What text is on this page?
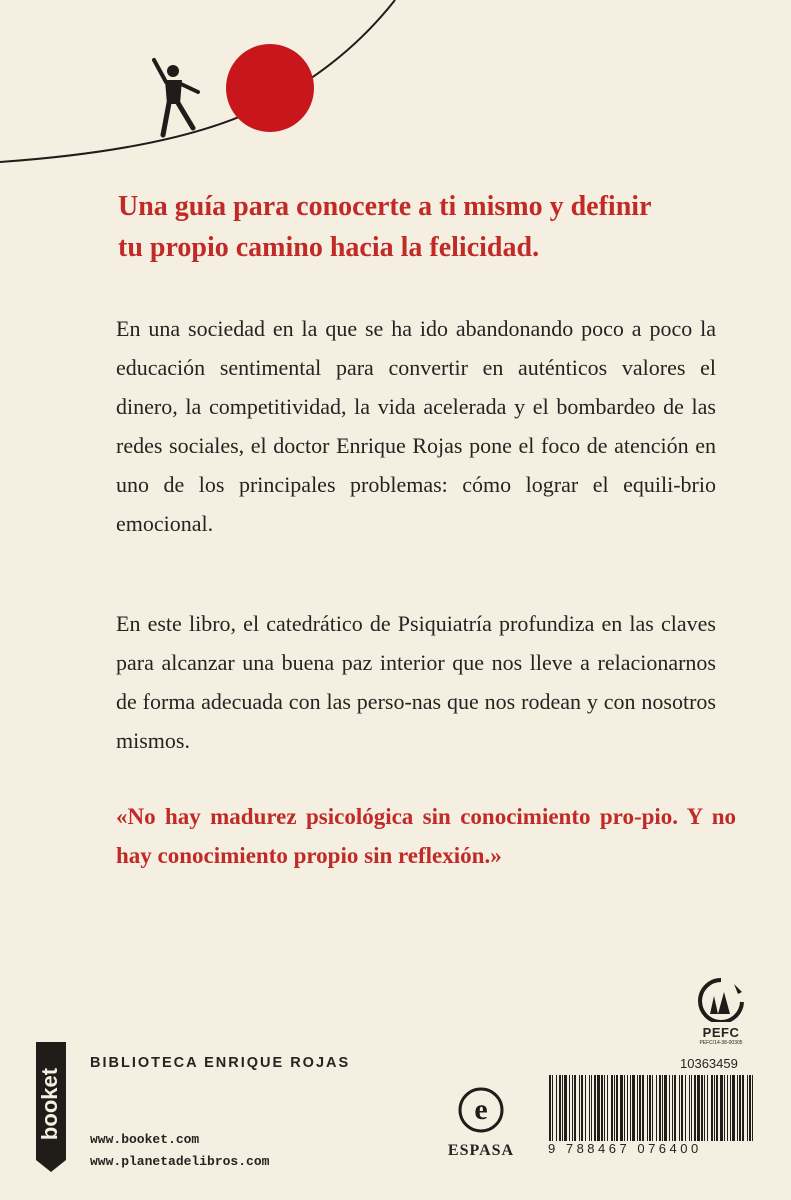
Una guía para conocerte a ti mismo y definir
tu propio camino hacia la felicidad.

En una sociedad en la que se ha ido abandonando poco a poco la educación sentimental para convertir en auténticos valores el dinero, la competitividad, la vida acelerada y el bombardeo de las redes sociales, el doctor Enrique Rojas pone el foco de atención en uno de los principales problemas: cómo lograr el equili-brio emocional.

En este libro, el catedrático de Psiquiatría profundiza en las claves para alcanzar una buena paz interior que nos lleve a relacionarnos de forma adecuada con las perso-nas que nos rodean y con nosotros mismos.

«No hay madurez psicológica sin conocimiento pro-pio. Y no hay conocimiento propio sin reflexión.»
PEFC
PEFC/14-38-00305
booket
BIBLIOTECA ENRIQUE ROJAS
www.booket.com
www.planetadelibros.com
e
ESPASA
10363459
9 788467 076400
